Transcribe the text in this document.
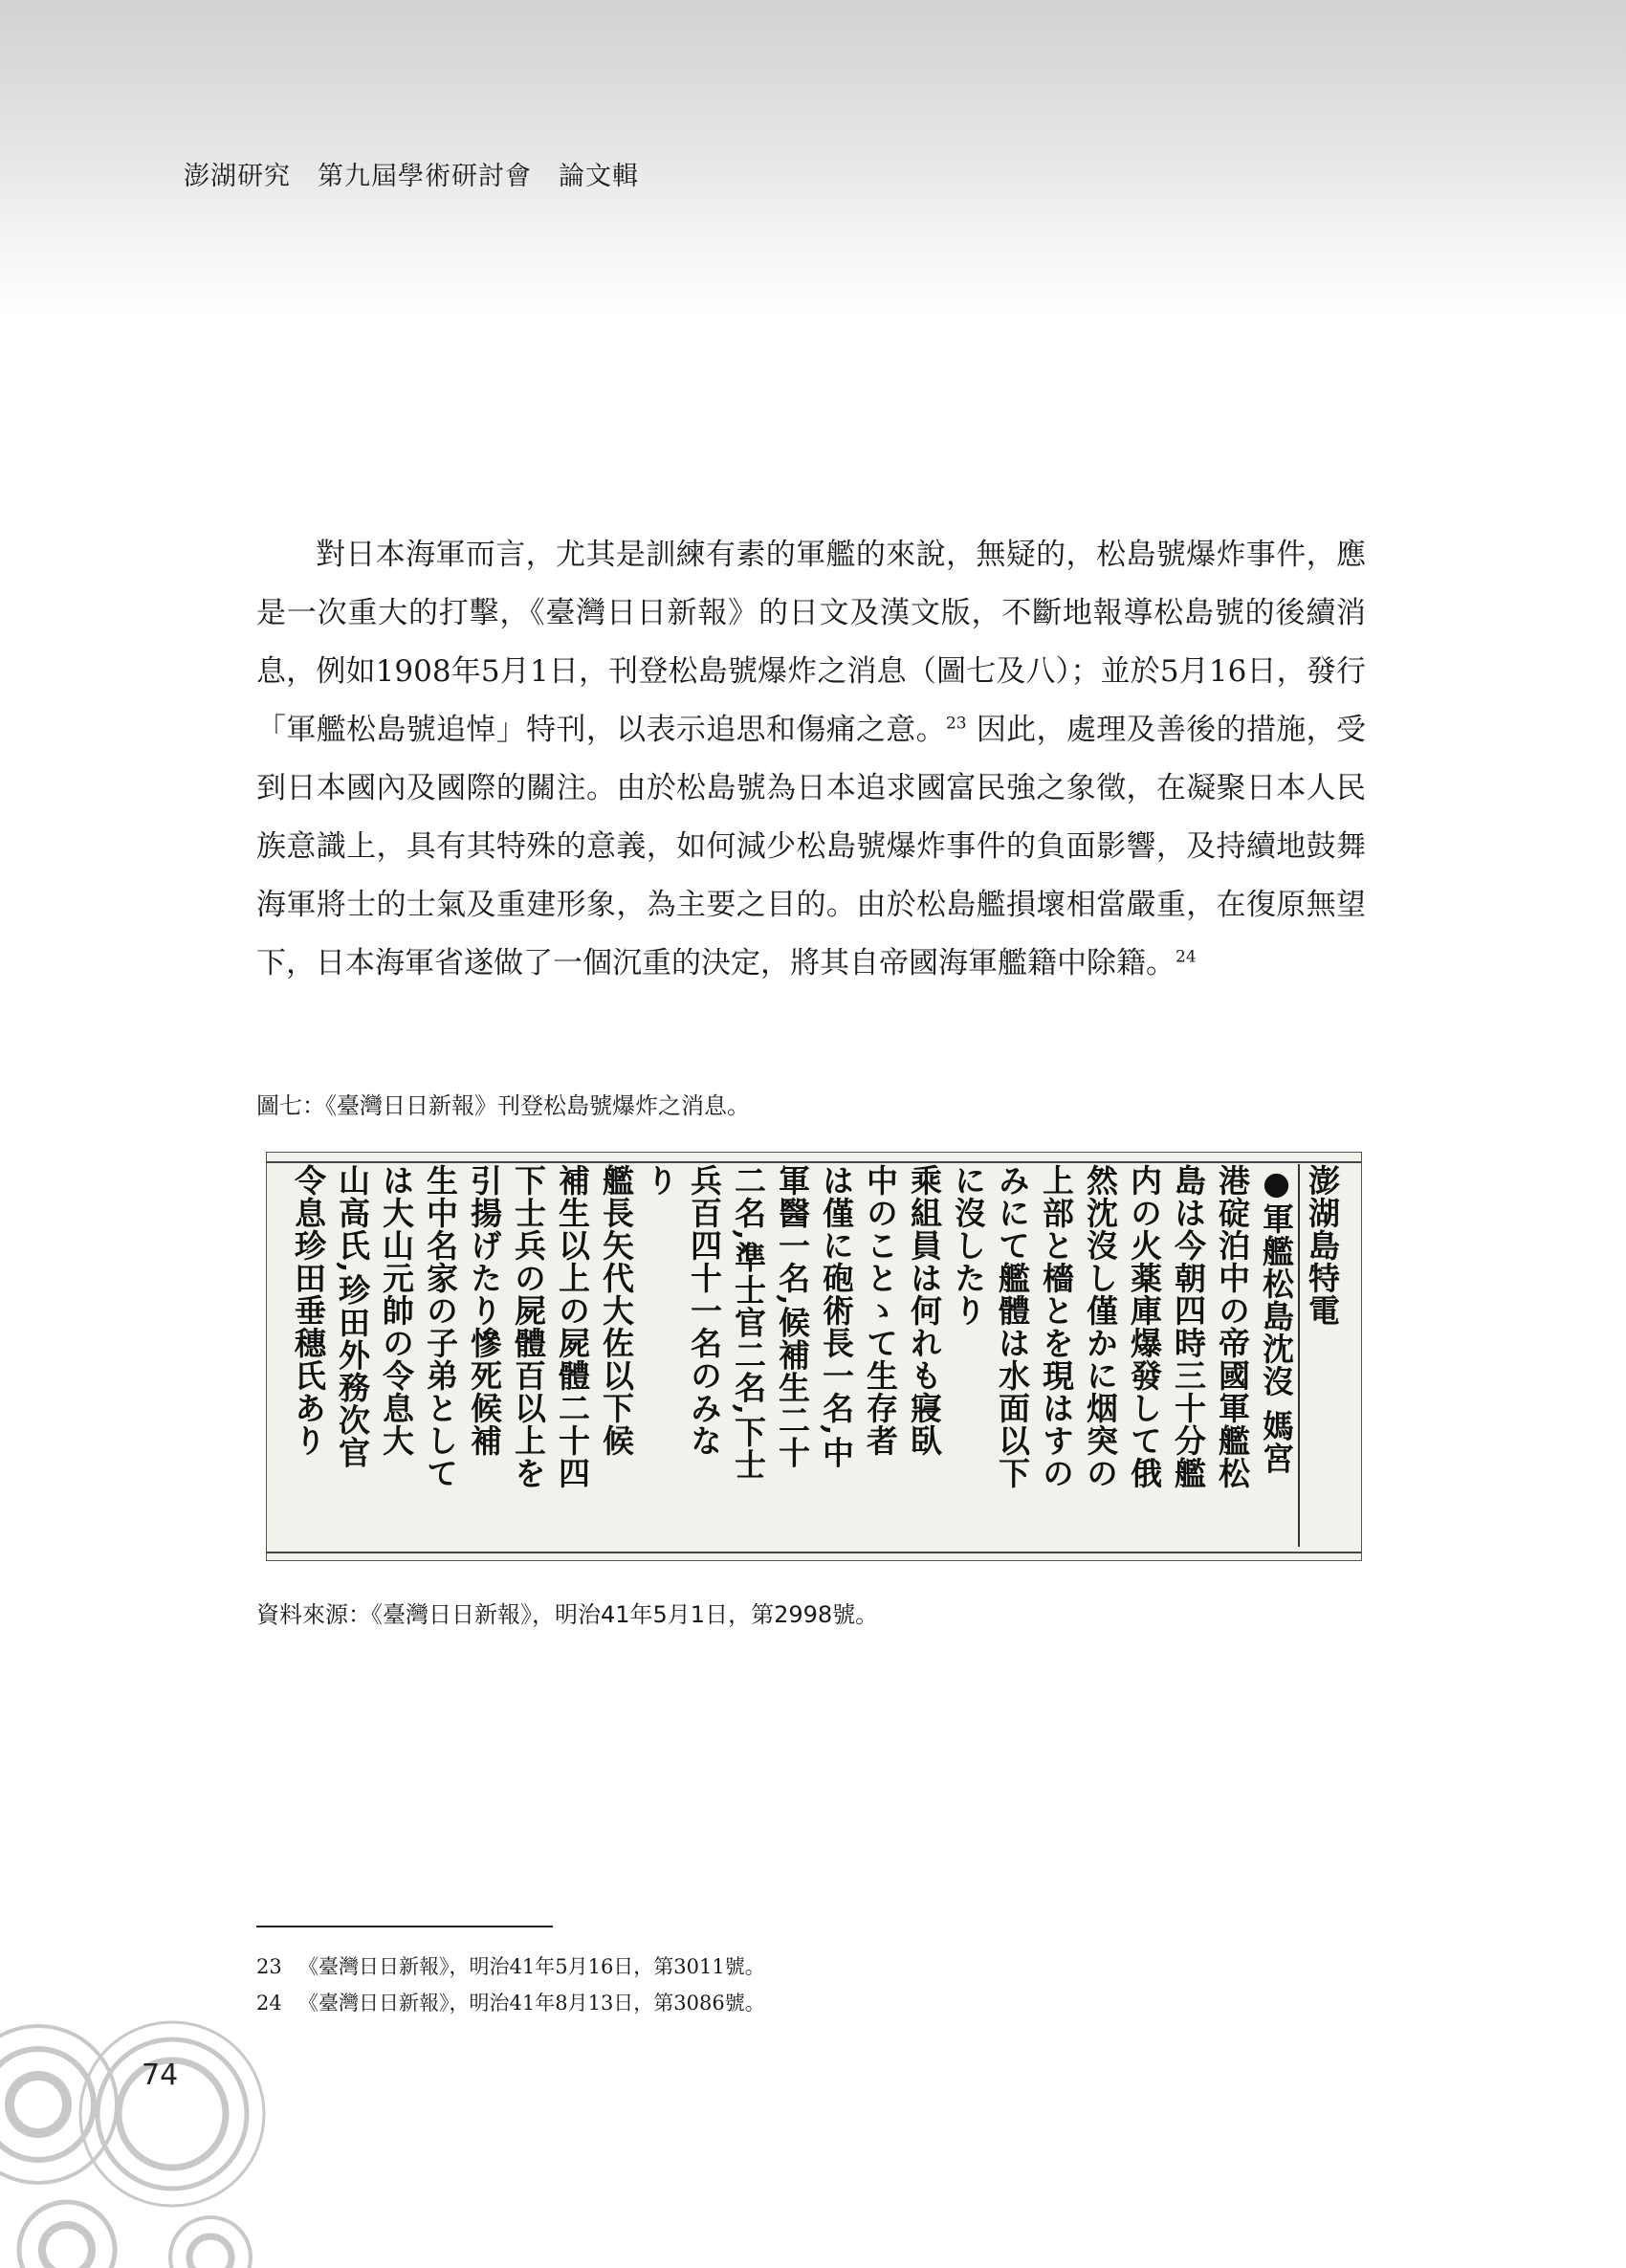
澎湖研究　第九屆學術研討會　論文輯

對日本海軍而言，尤其是訓練有素的軍艦的來說，無疑的，松島號爆炸事件，應是一次重大的打擊，《臺灣日日新報》的日文及漢文版，不斷地報導松島號的後續消息，例如1908年5月1日，刊登松島號爆炸之消息（圖七及八）；並於5月16日，發行「軍艦松島號追悼」特刊，以表示追思和傷痛之意。$^{23}$ 因此，處理及善後的措施，受到日本國內及國際的關注。由於松島號為日本追求國富民強之象徵，在凝聚日本人民族意識上，具有其特殊的意義，如何減少松島號爆炸事件的負面影響，及持續地鼓舞海軍將士的士氣及重建形象，為主要之目的。由於松島艦損壞相當嚴重，在復原無望下，日本海軍省遂做了一個沉重的決定，將其自帝國海軍艦籍中除籍。$^{24}$

圖七：《臺灣日日新報》刊登松島號爆炸之消息。
澎湖島特電
●軍艦松島沈沒 媽宮
港碇泊中の帝國軍艦松
島は今朝四時三十分艦
内の火薬庫爆發して俄
然沈沒し僅かに烟突の
上部と檣とを現はすの
みにて艦體は水面以下
に沒したり
乘組員は何れも寢臥
中のことゝて生存者
は僅に砲術長一名,中
軍醫一名,候補生二十
二名,準士官二名,下士
兵百四十一名のみな
り
艦長矢代大佐以下候
補生以上の屍體二十四
下士兵の屍體百以上を
引揚げたり慘死候補
生中名家の子弟として
は大山元帥の令息大
山高氏,珍田外務次官
令息珍田垂穗氏あり
資料來源：《臺灣日日新報》，明治41年5月1日，第2998號。
23 《臺灣日日新報》，明治41年5月16日，第3011號。
24 《臺灣日日新報》，明治41年8月13日，第3086號。
74
